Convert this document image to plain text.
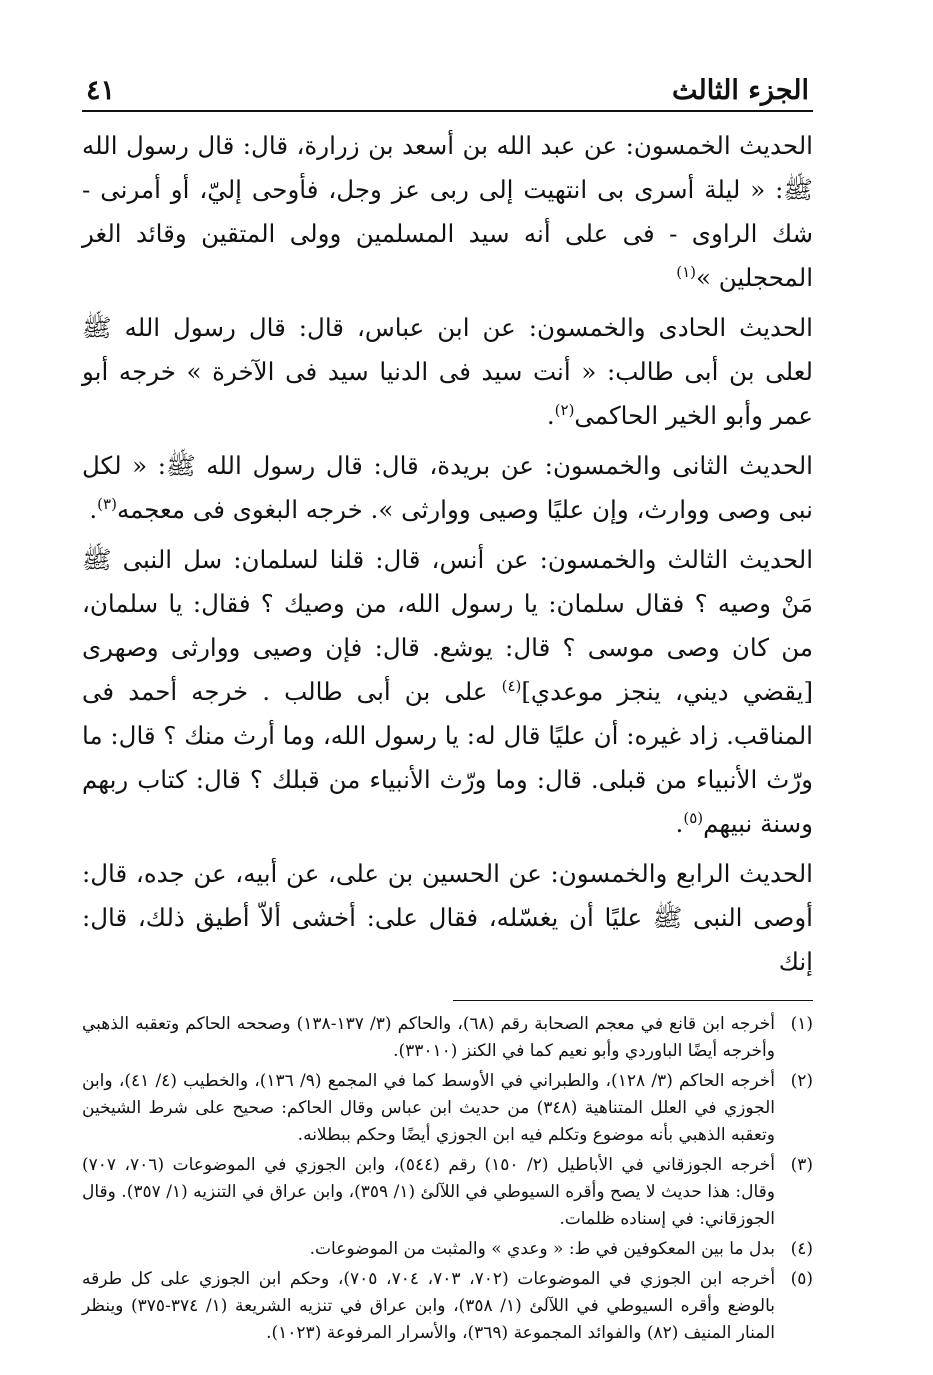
الجزء الثالث
٤١

الحديث الخمسون: عن عبد الله بن أسعد بن زرارة، قال: قال رسول الله ﷺ: « ليلة أسرى بى انتهيت إلى ربى عز وجل، فأوحى إليّ، أو أمرنى - شك الراوى - فى على أنه سيد المسلمين وولى المتقين وقائد الغر المحجلين »$^{(١)}$

الحديث الحادى والخمسون: عن ابن عباس، قال: قال رسول الله ﷺ لعلى بن أبى طالب: « أنت سيد فى الدنيا سيد فى الآخرة » خرجه أبو عمر وأبو الخير الحاكمى$^{(٢)}$.

الحديث الثانى والخمسون: عن بريدة، قال: قال رسول الله ﷺ: « لكل نبى وصى ووارث، وإن عليًا وصيى ووارثى ». خرجه البغوى فى معجمه$^{(٣)}$.

الحديث الثالث والخمسون: عن أنس، قال: قلنا لسلمان: سل النبى ﷺ مَنْ وصيه ؟ فقال سلمان: يا رسول الله، من وصيك ؟ فقال: يا سلمان، من كان وصى موسى ؟ قال: يوشع. قال: فإن وصيى ووارثى وصهرى [يقضي ديني، ينجز موعدي]$^{(٤)}$ على بن أبى طالب . خرجه أحمد فى المناقب. زاد غيره: أن عليًا قال له: يا رسول الله، وما أرث منك ؟ قال: ما ورّث الأنبياء من قبلى. قال: وما ورّث الأنبياء من قبلك ؟ قال: كتاب ربهم وسنة نبيهم$^{(٥)}$.

الحديث الرابع والخمسون: عن الحسين بن على، عن أبيه، عن جده، قال: أوصى النبى ﷺ عليًا أن يغسّله، فقال على: أخشى ألاّ أطيق ذلك، قال: إنك

(١)
أخرجه ابن قانع في معجم الصحابة رقم (٦٨)، والحاكم (٣/ ١٣٧-١٣٨) وصححه الحاكم وتعقبه الذهبي وأخرجه أيضًا الباوردي وأبو نعيم كما في الكنز (٣٣٠١٠).
(٢)
أخرجه الحاكم (٣/ ١٢٨)، والطبراني في الأوسط كما في المجمع (٩/ ١٣٦)، والخطيب (٤/ ٤١)، وابن الجوزي في العلل المتناهية (٣٤٨) من حديث ابن عباس وقال الحاكم: صحيح على شرط الشيخين وتعقبه الذهبي بأنه موضوع وتكلم فيه ابن الجوزي أيضًا وحكم ببطلانه.
(٣)
أخرجه الجوزقاني في الأباطيل (٢/ ١٥٠) رقم (٥٤٤)، وابن الجوزي في الموضوعات (٧٠٦، ٧٠٧) وقال: هذا حديث لا يصح وأقره السيوطي في اللآلئ (١/ ٣٥٩)، وابن عراق في التنزيه (١/ ٣٥٧). وقال الجوزقاني: في إسناده ظلمات.
(٤)
بدل ما بين المعكوفين في ط: « وعدي » والمثبت من الموضوعات.
(٥)
أخرجه ابن الجوزي في الموضوعات (٧٠٢، ٧٠٣، ٧٠٤، ٧٠٥)، وحكم ابن الجوزي على كل طرقه بالوضع وأقره السيوطي في اللآلئ (١/ ٣٥٨)، وابن عراق في تنزيه الشريعة (١/ ٣٧٤-٣٧٥) وينظر المنار المنيف (٨٢) والفوائد المجموعة (٣٦٩)، والأسرار المرفوعة (١٠٢٣).
